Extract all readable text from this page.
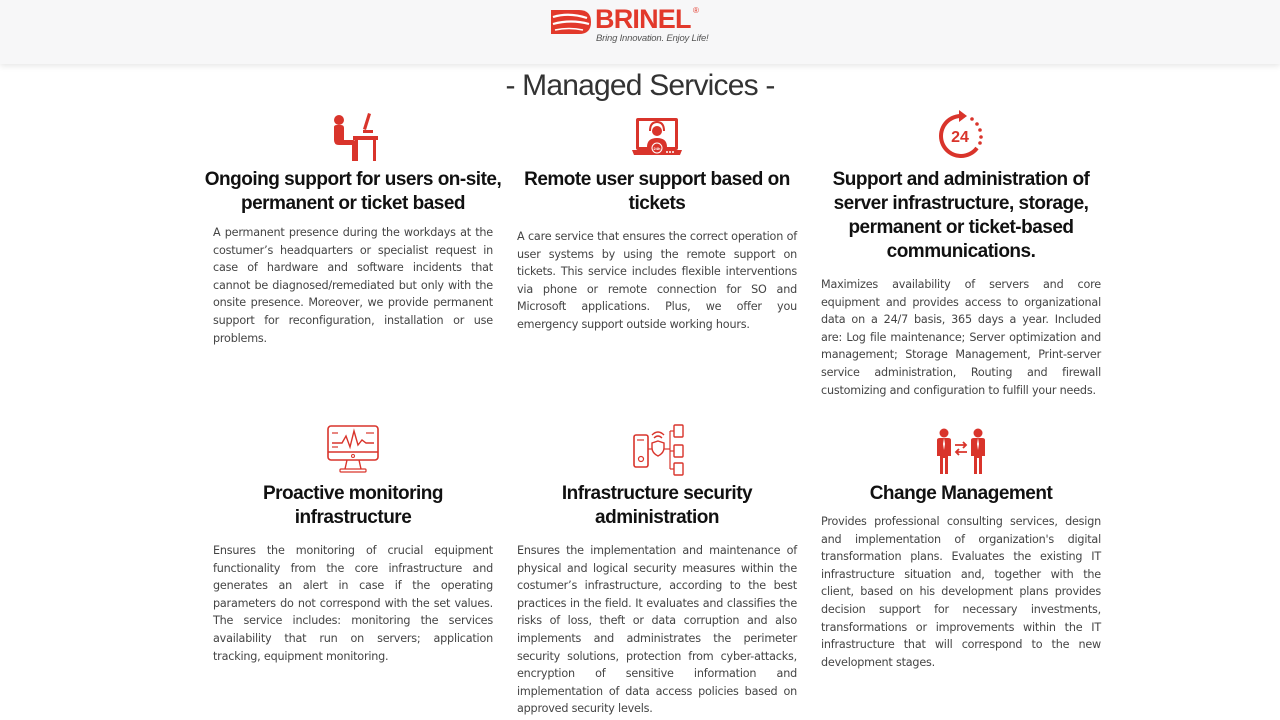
BRINEL ®
Bring Innovation. Enjoy Life!
- Managed Services -
Ongoing support for users on-site, permanent or ticket based

A permanent presence during the workdays at the costumer’s headquarters or specialist request in case of hardware and software incidents that cannot be diagnosed/remediated but only with the onsite presence. Moreover, we provide permanent support for reconfiguration, installation or use problems.

24h
Remote user support based on tickets

A care service that ensures the correct operation of user systems by using the remote support on tickets. This service includes flexible interventions via phone or remote connection for SO and Microsoft applications. Plus, we offer you emergency support outside working hours.

24
Support and administration of server infrastructure, storage, permanent or ticket-based communications.

Maximizes availability of servers and core equipment and provides access to organizational data on a 24/7 basis, 365 days a year. Included are: Log file maintenance; Server optimization and management; Storage Management, Print-server service administration, Routing and firewall customizing and configuration to fulfill your needs.

Proactive monitoring infrastructure

Ensures the monitoring of crucial equipment functionality from the core infrastructure and generates an alert in case if the operating parameters do not correspond with the set values. The service includes: monitoring the services availability that run on servers; application tracking, equipment monitoring.

Infrastructure security administration

Ensures the implementation and maintenance of physical and logical security measures within the costumer’s infrastructure, according to the best practices in the field. It evaluates and classifies the risks of loss, theft or data corruption and also implements and administrates the perimeter security solutions, protection from cyber-attacks, encryption of sensitive information and implementation of data access policies based on approved security levels.

Change Management

Provides professional consulting services, design and implementation of organization's digital transformation plans. Evaluates the existing IT infrastructure situation and, together with the client, based on his development plans provides decision support for necessary investments, transformations or improvements within the IT infrastructure that will correspond to the new development stages.
